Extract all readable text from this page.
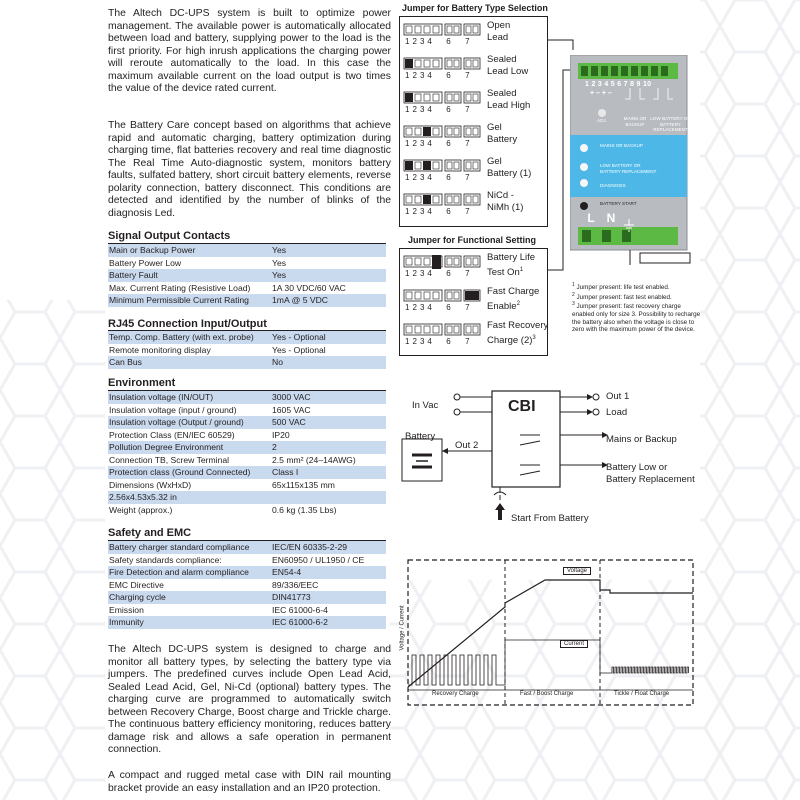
The Altech DC-UPS system is built to optimize power management. The available power is automatically allocated between load and battery, supplying power to the load is the first priority. For high inrush applications the charging power will reroute automatically to the load. In this case the maximum available current on the load output is two times the value of the device rated current.
The Battery Care concept based on algorithms that achieve rapid and automatic charging, battery optimization during charging time, flat batteries recovery and real time diagnostic The Real Time Auto-diagnostic system, monitors battery faults, sulfated battery, short circuit battery elements, reverse polarity connection, battery disconnect. This conditions are detected and identified by the number of blinks of the diagnosis Led.
Signal Output Contacts
Main or Backup Power	Yes
Battery Power Low	Yes
Battery Fault	Yes
Max. Current Rating (Resistive Load)	1A 30 VDC/60 VAC
Minimum Permissible Current Rating	1mA @ 5 VDC
RJ45 Connection Input/Output
Temp. Comp. Battery (with ext. probe)	Yes - Optional
Remote monitoring display	Yes - Optional
Can Bus	No
Environment
Insulation voltage (IN/OUT)	3000 VAC
Insulation voltage (input / ground)	1605 VAC
Insulation voltage (Output / ground)	500 VAC
Protection Class (EN/IEC 60529)	IP20
Pollution Degree Environment	2
Connection TB, Screw Terminal	2.5 mm² (24–14AWG)
Protection class (Ground Connected)	Class I
Dimensions (WxHxD)	65x115x135 mm
2.56x4.53x5.32 in
Weight (approx.)	0.6 kg (1.35 Lbs)
Safety and EMC
Battery charger standard compliance	IEC/EN 60335-2-29
Safety standards compliance:	EN60950 / UL1950 / CE
Fire Detection and alarm compliance	EN54-4
EMC Directive	89/336/EEC
Charging cycle	DIN41773
Emission	IEC 61000-6-4
Immunity	IEC 61000-6-2
The Altech DC-UPS system is designed to charge and monitor all battery types, by selecting the battery type via jumpers. The predefined curves include Open Lead Acid, Sealed Lead Acid, Gel, Ni-Cd (optional) battery types. The charging curve are programmed to automatically switch between Recovery Charge, Boost charge and Trickle charge. The continuous battery efficiency monitoring, reduces battery damage risk and allows a safe operation in permanent connection.
A compact and rugged metal case with DIN rail mounting bracket provide an easy installation and an IP20 protection.
Jumper for Battery Type Selection
1 2 3 4 6 7
Open
Lead
1 2 3 4 6 7
Sealed
Lead Low
1 2 3 4 6 7
Sealed
Lead High
1 2 3 4 6 7
Gel
Battery
1 2 3 4 6 7
Gel
Battery (1)
1 2 3 4 6 7
NiCd -
NiMh (1)
Jumper for Functional Setting
1 2 3 4 6 7
Battery Life
Test On$^1$
1 2 3 4 6 7
Fast Charge
Enable$^2$
1 2 3 4 6 7
Fast Recovery
Charge $(2)^3$
1 2 3 4 5 6 7 8 9 10
+ – + –
ADJ.	MAINS OR BACKUP
LOW BATTERY OR BATTERY REPLACEMENT
MAINS OR BACKUP
LOW BATTERY OR BATTERY REPLACEMENT
DIAGNOSIS
BATTERY START
L N
$^1$ Jumper present: life test enabled.
$^2$ Jumper present: fast test enabled.
$^3$ Jumper present: fast recovery charge enabled only for size 3. Possibility to recharge the battery also when the voltage is close to zero with the maximum power of the device.
CBI
In Vac
Out 1
Load
Battery
Out 2
Mains or Backup
Battery Low or
Battery Replacement
Start From Battery
Voltage
Current
Voltage / Current
Recovery Charge	Fast / Boost Charge	Tickle / Float Charge
